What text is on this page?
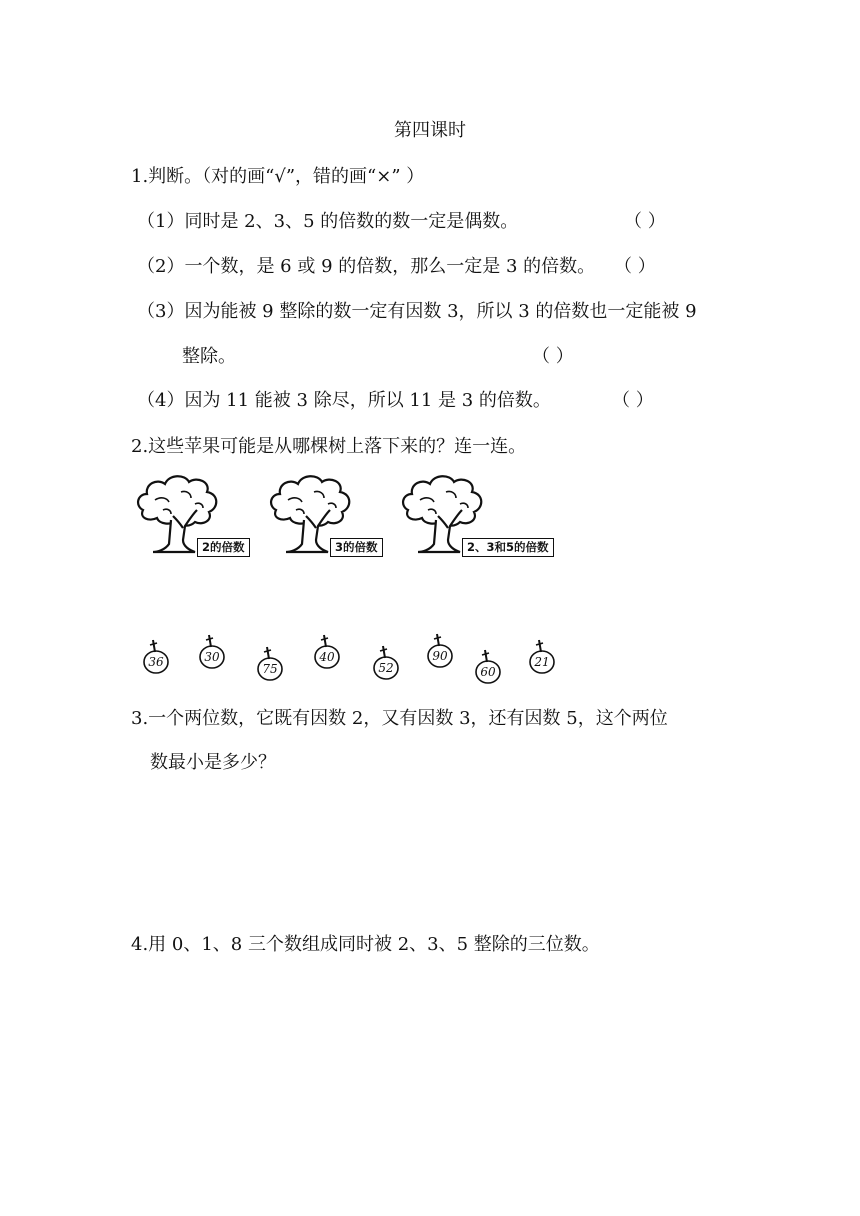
第四课时
1.判断。（对的画“√”，错的画“×” ）
（1）同时是 2、3、5 的倍数的数一定是偶数。	（ ）
（2）一个数，是 6 或 9 的倍数，那么一定是 3 的倍数。 （ ）
（3）因为能被 9 整除的数一定有因数 3，所以 3 的倍数也一定能被 9
整除。	（ ）
（4）因为 11 能被 3 除尽，所以 11 是 3 的倍数。	（ ）
2.这些苹果可能是从哪棵树上落下来的？连一连。
2的倍数	3的倍数	2、3和5的倍数
36	30
75
40
52
90
60
21
3.一个两位数，它既有因数 2，又有因数 3，还有因数 5，这个两位
数最小是多少？
4.用 0、1、8 三个数组成同时被 2、3、5 整除的三位数。
